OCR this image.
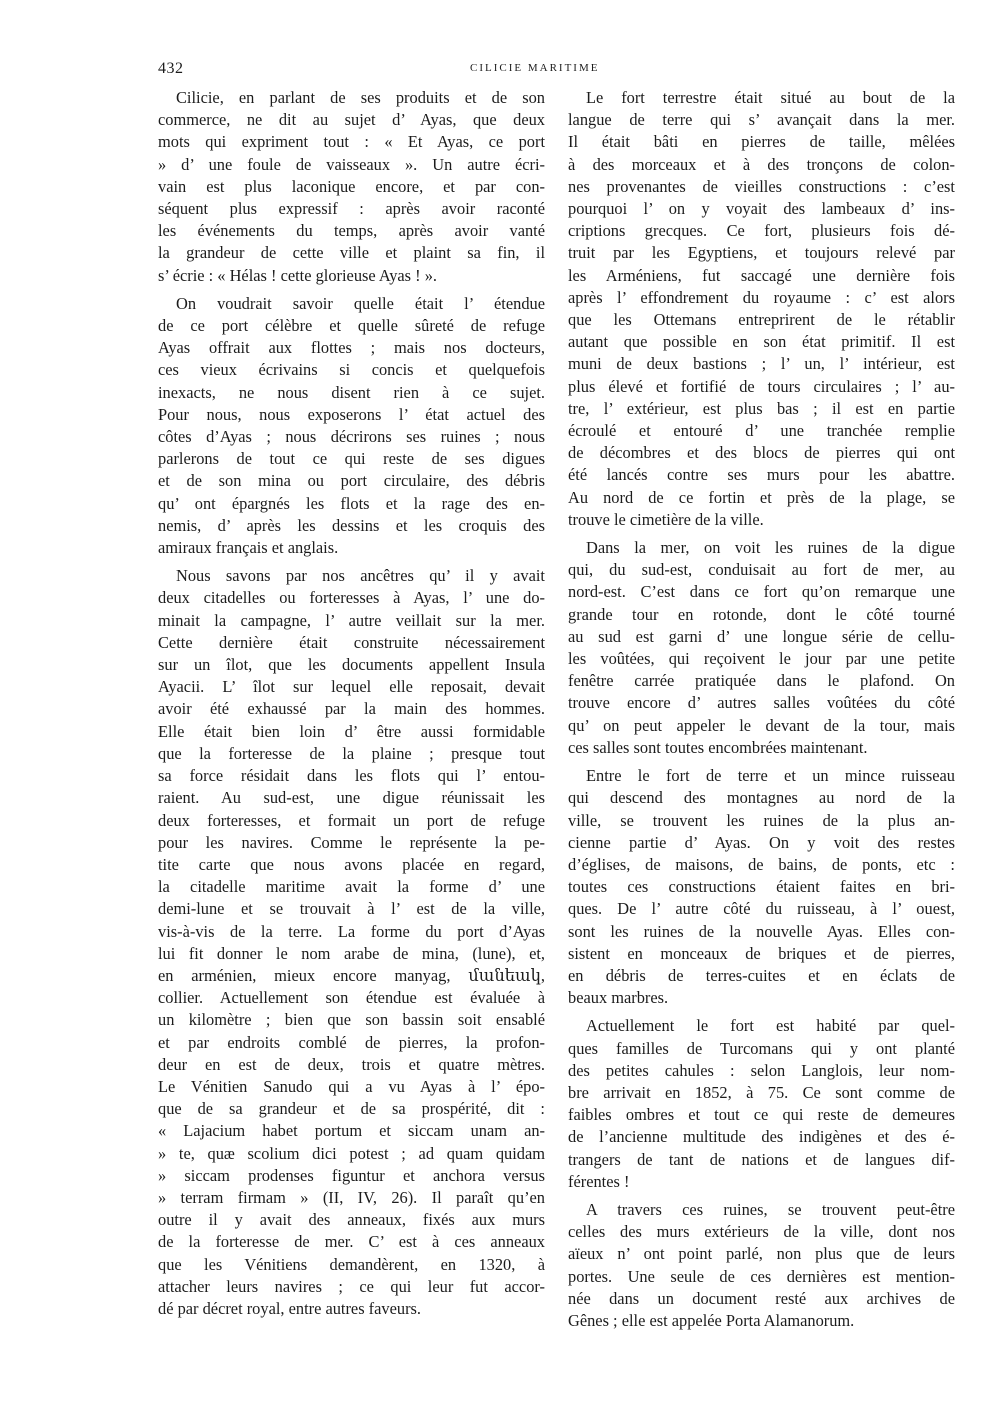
432	CILICIE MARITIME
Cilicie, en parlant de ses produits et de son
commerce, ne dit au sujet d’ Ayas, que deux
mots qui expriment tout : « Et Ayas, ce port
» d’ une foule de vaisseaux ». Un autre écri-
vain est plus laconique encore, et par con-
séquent plus expressif : après avoir raconté
les événements du temps, après avoir vanté
la grandeur de cette ville et plaint sa fin, il
s’ écrie : « Hélas ! cette glorieuse Ayas ! ».
On voudrait savoir quelle était l’ étendue
de ce port célèbre et quelle sûreté de refuge
Ayas offrait aux flottes ; mais nos docteurs,
ces vieux écrivains si concis et quelquefois
inexacts, ne nous disent rien à ce sujet.
Pour nous, nous exposerons l’ état actuel des
côtes d’Ayas ; nous décrirons ses ruines ; nous
parlerons de tout ce qui reste de ses digues
et de son mina ou port circulaire, des débris
qu’ ont épargnés les flots et la rage des en-
nemis, d’ après les dessins et les croquis des
amiraux français et anglais.
Nous savons par nos ancêtres qu’ il y avait
deux citadelles ou forteresses à Ayas, l’ une do-
minait la campagne, l’ autre veillait sur la mer.
Cette dernière était construite nécessairement
sur un îlot, que les documents appellent Insula
Ayacii. L’ îlot sur lequel elle reposait, devait
avoir été exhaussé par la main des hommes.
Elle était bien loin d’ être aussi formidable
que la forteresse de la plaine ; presque tout
sa force résidait dans les flots qui l’ entou-
raient. Au sud-est, une digue réunissait les
deux forteresses, et formait un port de refuge
pour les navires. Comme le représente la pe-
tite carte que nous avons placée en regard,
la citadelle maritime avait la forme d’ une
demi-lune et se trouvait à l’ est de la ville,
vis-à-vis de la terre. La forme du port d’Ayas
lui fit donner le nom arabe de mina, (lune), et,
en arménien, mieux encore manyag, մանեակ,
collier. Actuellement son étendue est évaluée à
un kilomètre ; bien que son bassin soit ensablé
et par endroits comblé de pierres, la profon-
deur en est de deux, trois et quatre mètres.
Le Vénitien Sanudo qui a vu Ayas à l’ épo-
que de sa grandeur et de sa prospérité, dit :
« Lajacium habet portum et siccam unam an-
» te, quæ scolium dici potest ; ad quam quidam
» siccam prodenses figuntur et anchora versus
» terram firmam » (II, IV, 26). Il paraît qu’en
outre il y avait des anneaux, fixés aux murs
de la forteresse de mer. C’ est à ces anneaux
que les Vénitiens demandèrent, en 1320, à
attacher leurs navires ; ce qui leur fut accor-
dé par décret royal, entre autres faveurs.
Le fort terrestre était situé au bout de la
langue de terre qui s’ avançait dans la mer.
Il était bâti en pierres de taille, mêlées
à des morceaux et à des tronçons de colon-
nes provenantes de vieilles constructions : c’est
pourquoi l’ on y voyait des lambeaux d’ ins-
criptions grecques. Ce fort, plusieurs fois dé-
truit par les Egyptiens, et toujours relevé par
les Arméniens, fut saccagé une dernière fois
après l’ effondrement du royaume : c’ est alors
que les Ottemans entreprirent de le rétablir
autant que possible en son état primitif. Il est
muni de deux bastions ; l’ un, l’ intérieur, est
plus élevé et fortifié de tours circulaires ; l’ au-
tre, l’ extérieur, est plus bas ; il est en partie
écroulé et entouré d’ une tranchée remplie
de décombres et des blocs de pierres qui ont
été lancés contre ses murs pour les abattre.
Au nord de ce fortin et près de la plage, se
trouve le cimetière de la ville.
Dans la mer, on voit les ruines de la digue
qui, du sud-est, conduisait au fort de mer, au
nord-est. C’est dans ce fort qu’on remarque une
grande tour en rotonde, dont le côté tourné
au sud est garni d’ une longue série de cellu-
les voûtées, qui reçoivent le jour par une petite
fenêtre carrée pratiquée dans le plafond. On
trouve encore d’ autres salles voûtées du côté
qu’ on peut appeler le devant de la tour, mais
ces salles sont toutes encombrées maintenant.
Entre le fort de terre et un mince ruisseau
qui descend des montagnes au nord de la
ville, se trouvent les ruines de la plus an-
cienne partie d’ Ayas. On y voit des restes
d’églises, de maisons, de bains, de ponts, etc :
toutes ces constructions étaient faites en bri-
ques. De l’ autre côté du ruisseau, à l’ ouest,
sont les ruines de la nouvelle Ayas. Elles con-
sistent en monceaux de briques et de pierres,
en débris de terres-cuites et en éclats de
beaux marbres.
Actuellement le fort est habité par quel-
ques familles de Turcomans qui y ont planté
des petites cahules : selon Langlois, leur nom-
bre arrivait en 1852, à 75. Ce sont comme de
faibles ombres et tout ce qui reste de demeures
de l’ancienne multitude des indigènes et des é-
trangers de tant de nations et de langues dif-
férentes !
A travers ces ruines, se trouvent peut-être
celles des murs extérieurs de la ville, dont nos
aïeux n’ ont point parlé, non plus que de leurs
portes. Une seule de ces dernières est mention-
née dans un document resté aux archives de
Gênes ; elle est appelée Porta Alamanorum.
